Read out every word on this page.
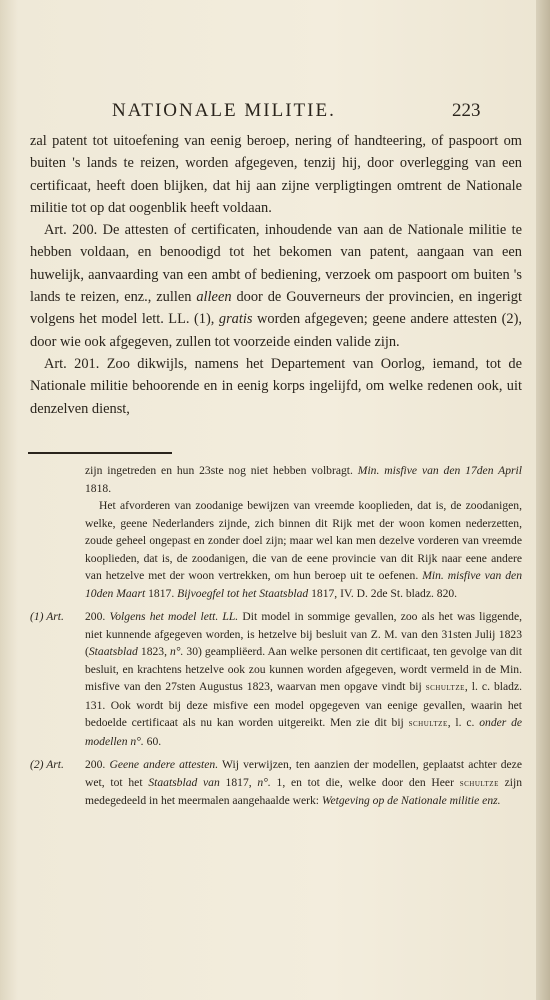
NATIONALE MILITIE.	223

zal patent tot uitoefening van eenig beroep, nering of handteering, of paspoort om buiten 's lands te reizen, worden afgegeven, tenzij hij, door overlegging van een certificaat, heeft doen blijken, dat hij aan zijne verpligtingen omtrent de Nationale militie tot op dat oogenblik heeft voldaan.

Art. 200. De attesten of certificaten, inhoudende van aan de Nationale militie te hebben voldaan, en benoodigd tot het bekomen van patent, aangaan van een huwelijk, aanvaarding van een ambt of bediening, verzoek om paspoort om buiten 's lands te reizen, enz., zullen alleen door de Gouverneurs der provincien, en ingerigt volgens het model lett. LL. (1), gratis worden afgegeven; geene andere attesten (2), door wie ook afgegeven, zullen tot voorzeide einden valide zijn.

Art. 201. Zoo dikwijls, namens het Departement van Oorlog, iemand, tot de Nationale militie behoorende en in eenig korps ingelijfd, om welke redenen ook, uit denzelven dienst,

zijn ingetreden en hun 23ste nog niet hebben volbragt. Min. misfive van den 17den April 1818.

Het afvorderen van zoodanige bewijzen van vreemde kooplieden, dat is, de zoodanigen, welke, geene Nederlanders zijnde, zich binnen dit Rijk met der woon komen nederzetten, zoude geheel ongepast en zonder doel zijn; maar wel kan men dezelve vorderen van vreemde kooplieden, dat is, de zoodanigen, die van de eene provincie van dit Rijk naar eene andere van hetzelve met der woon vertrekken, om hun beroep uit te oefenen. Min. misfive van den 10den Maart 1817. Bijvoegfel tot het Staatsblad 1817, IV. D. 2de St. bladz. 820.

(1) Art. 200. Volgens het model lett. LL. Dit model in sommige gevallen, zoo als het was liggende, niet kunnende afgegeven worden, is hetzelve bij besluit van Z. M. van den 31sten Julij 1823 (Staatsblad 1823, n°. 30) geampliëerd. Aan welke personen dit certificaat, ten gevolge van dit besluit, en krachtens hetzelve ook zou kunnen worden afgegeven, wordt vermeld in de Min. misfive van den 27sten Augustus 1823, waarvan men opgave vindt bij schultze, l. c. bladz. 131. Ook wordt bij deze misfive een model opgegeven van eenige gevallen, waarin het bedoelde certificaat als nu kan worden uitgereikt. Men zie dit bij schultze, l. c. onder de modellen n°. 60.

(2) Art. 200. Geene andere attesten. Wij verwijzen, ten aanzien der modellen, geplaatst achter deze wet, tot het Staatsblad van 1817, n°. 1, en tot die, welke door den Heer schultze zijn medegedeeld in het meermalen aangehaalde werk: Wetgeving op de Nationale militie enz.
